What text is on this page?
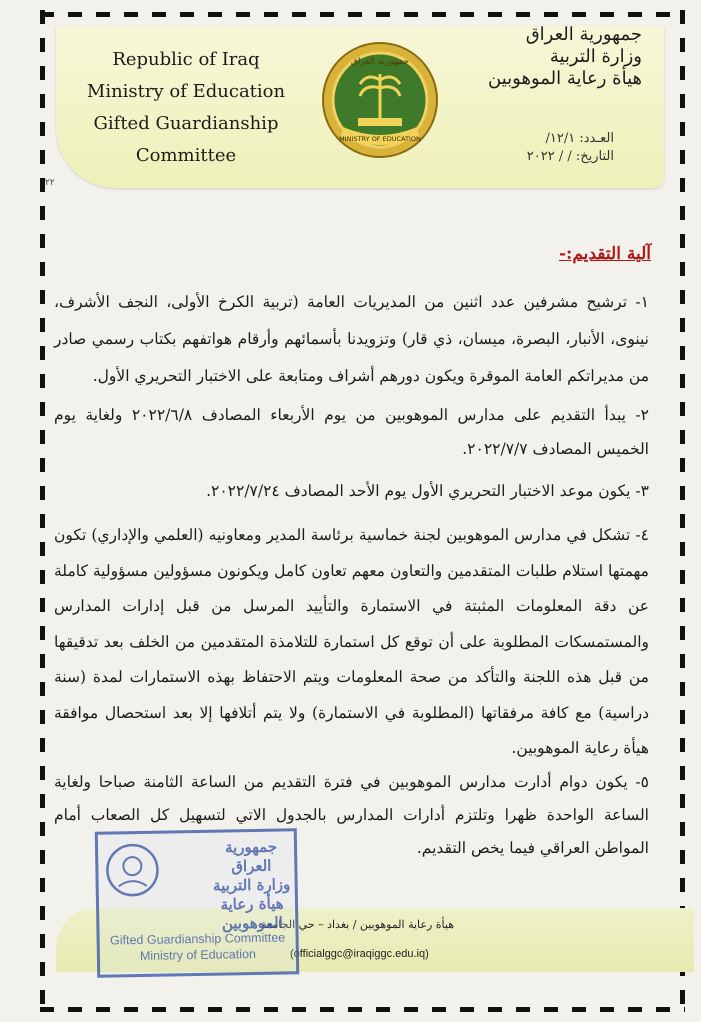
Republic of Iraq
Ministry of Education
Gifted Guardianship
Committee
جمهورية العراق
MINISTRY OF EDUCATION
جمهورية العراق
وزارة التربية
هيأة رعاية الموهوبين
العـدد: ١٢/١/
التاريخ: / / ٢٠٢٢
٢٢
آلية التقديم:-
١- ترشيح مشرفين عدد اثنين من المديريات العامة (تربية الكرخ الأولى، النجف الأشرف، نينوى، الأنبار، البصرة، ميسان، ذي قار) وتزويدنا بأسمائهم وأرقام هواتفهم بكتاب رسمي صادر من مديراتكم العامة الموقرة ويكون دورهم أشراف ومتابعة على الاختبار التحريري الأول.
٢- يبدأ التقديم على مدارس الموهوبين من يوم الأربعاء المصادف ٢٠٢٢/٦/٨ ولغاية يوم الخميس المصادف ٢٠٢٢/٧/٧.
٣- يكون موعد الاختبار التحريري الأول يوم الأحد المصادف ٢٠٢٢/٧/٢٤.
٤- تشكل في مدارس الموهوبين لجنة خماسية برئاسة المدير ومعاونيه (العلمي والإداري) تكون مهمتها استلام طلبات المتقدمين والتعاون معهم تعاون كامل ويكونون مسؤولين مسؤولية كاملة عن دقة المعلومات المثبتة في الاستمارة والتأييد المرسل من قبل إدارات المدارس والمستمسكات المطلوبة على أن توقع كل استمارة للتلامذة المتقدمين من الخلف بعد تدقيقها من قبل هذه اللجنة والتأكد من صحة المعلومات ويتم الاحتفاظ بهذه الاستمارات لمدة (سنة دراسية) مع كافة مرفقاتها (المطلوبة في الاستمارة) ولا يتم أتلافها إلا بعد استحصال موافقة هيأة رعاية الموهوبين.
٥- يكون دوام أدارت مدارس الموهوبين في فترة التقديم من الساعة الثامنة صباحا ولغاية الساعة الواحدة ظهرا وتلتزم أدارات المدارس بالجدول الاتي لتسهيل كل الصعاب أمام المواطن العراقي فيما يخص التقديم.
هيأة رعاية الموهوبين / بغداد – حي الجامعة
(officialggc@iraqiggc.edu.iq)
جمهورية العراق
وزارة التربية
هيأة رعاية الموهوبين
Gifted Guardianship Committee
Ministry of Education
